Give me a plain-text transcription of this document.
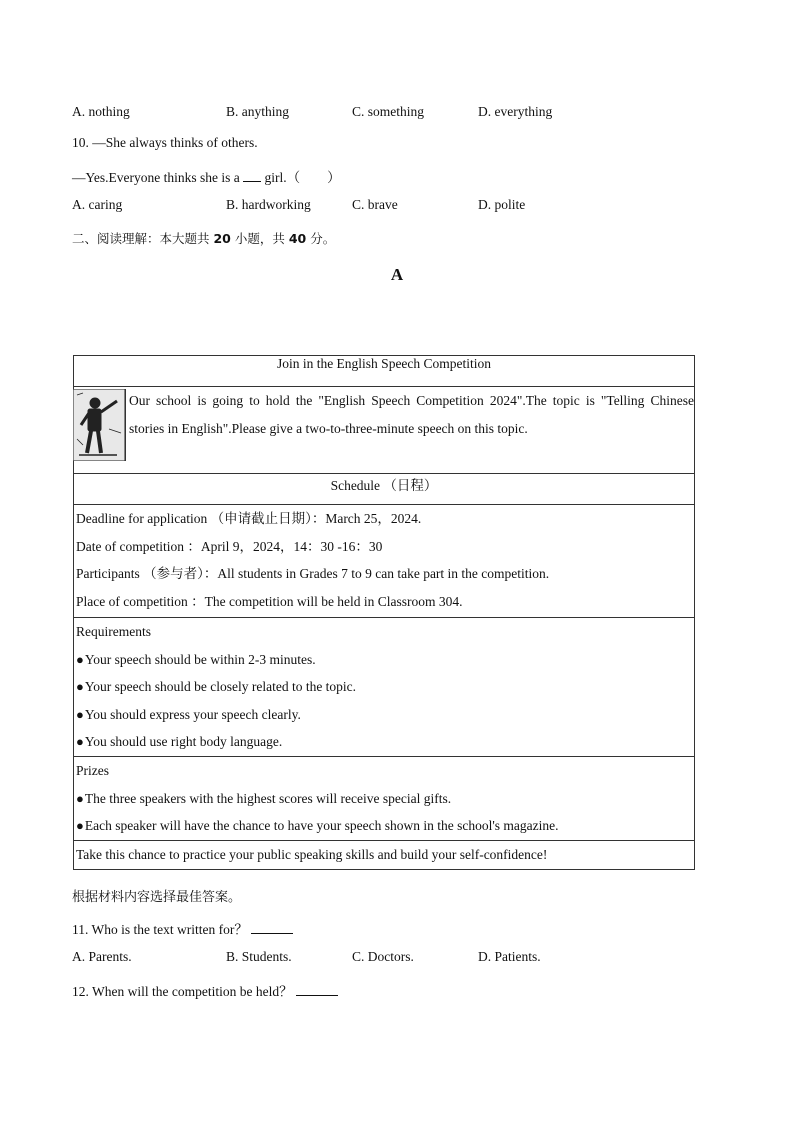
A. nothing	B. anything	C. something	D. everything
10. —She always thinks of others.
—Yes.Everyone thinks she is a  girl.（　　）
A. caring	B. hardworking	C. brave	D. polite
二、阅读理解：本大题共 20 小题，共 40 分。
A
Join in the English Speech Competition

Our school is going to hold the "English Speech Competition 2024".The topic is "Telling Chinese stories in English".Please give a two-to-three-minute speech on this topic.

Schedule （日程）

Deadline for application （申请截止日期）：March 25，2024.

Date of competition ：April 9，2024，14：30 -16：30

Participants （参与者）：All students in Grades 7 to 9 can take part in the competition.

Place of competition ：The competition will be held in Classroom 304.

Requirements

● Your speech should be within 2-3 minutes.

● Your speech should be closely related to the topic.

● You should express your speech clearly.

● You should use right body language.

Prizes

● The three speakers with the highest scores will receive special gifts.

● Each speaker will have the chance to have your speech shown in the school's magazine.

Take this chance to practice your public speaking skills and build your self-confidence!

根据材料内容选择最佳答案。
11. Who is the text written for？
A. Parents.	B. Students.	C. Doctors.	D. Patients.
12. When will the competition be held？
